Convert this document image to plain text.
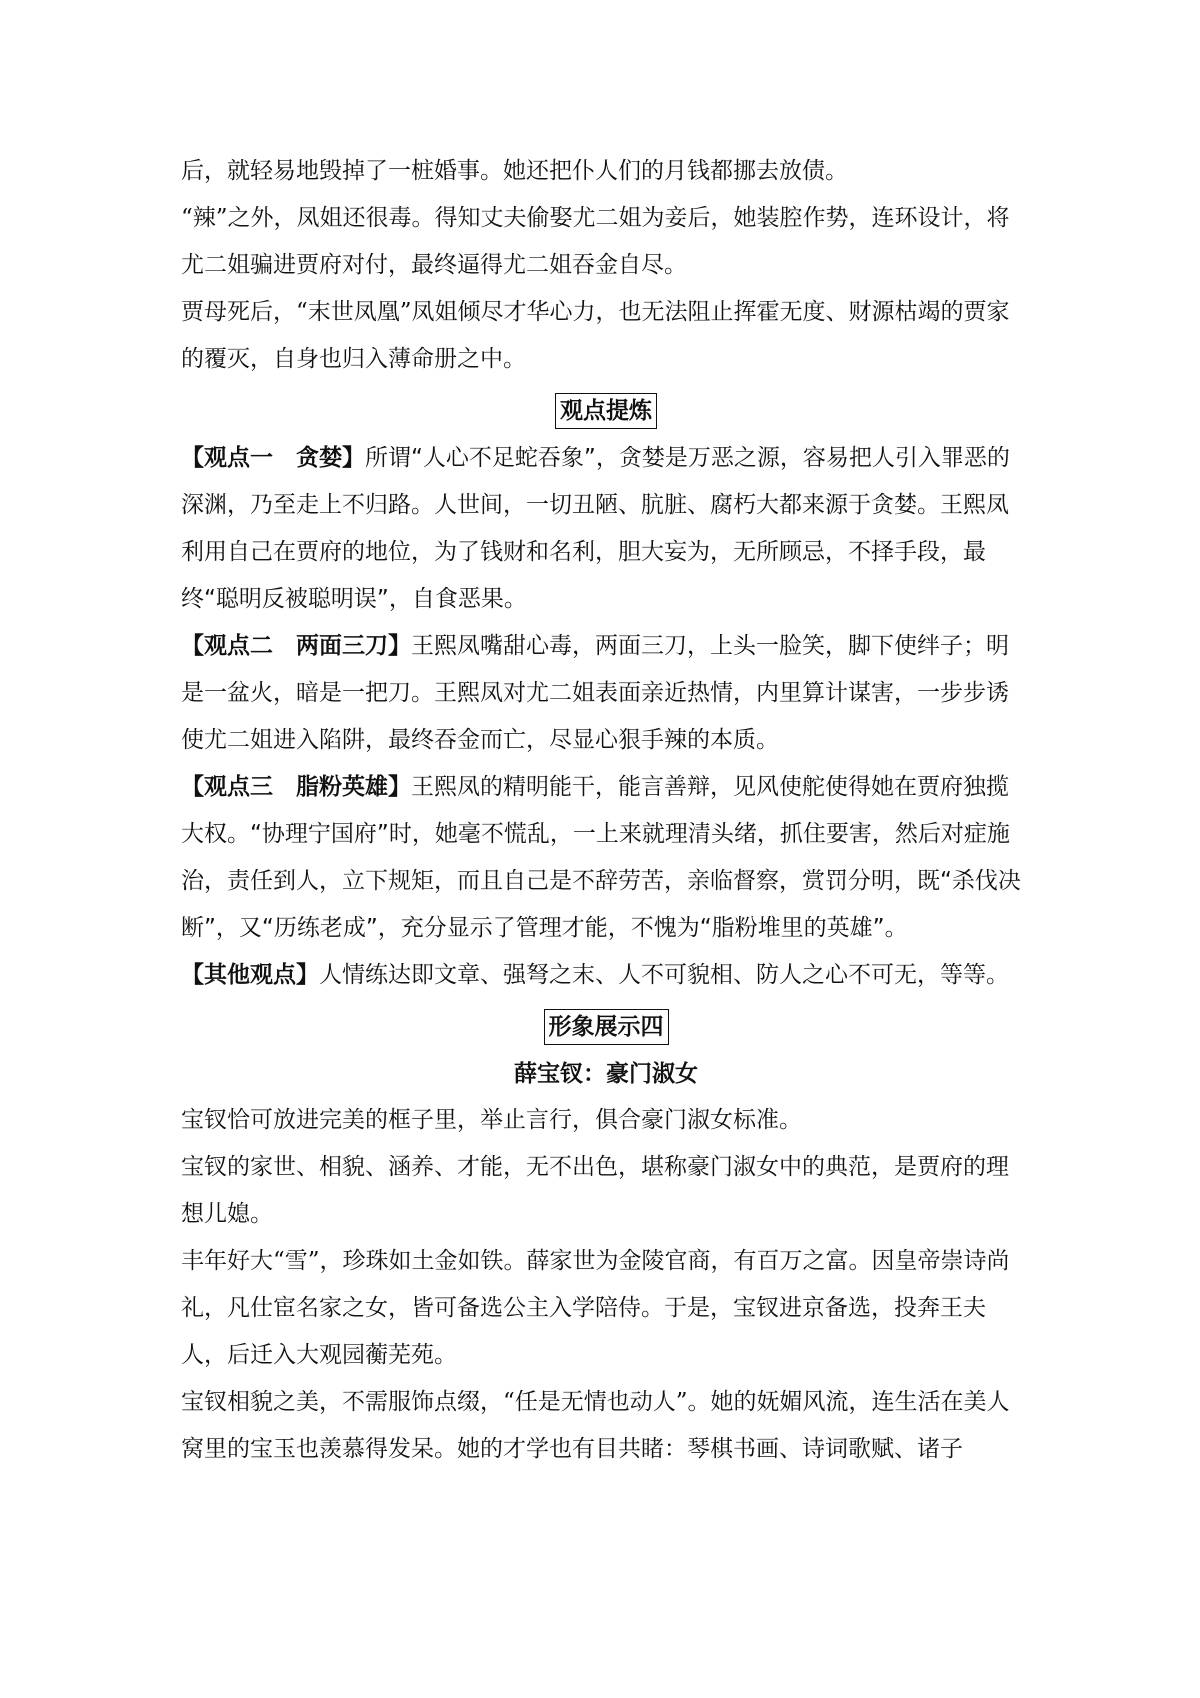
后，就轻易地毁掉了一桩婚事。她还把仆人们的月钱都挪去放债。

“辣”之外，凤姐还很毒。得知丈夫偷娶尤二姐为妾后，她装腔作势，连环设计，将尤二姐骗进贾府对付，最终逼得尤二姐吞金自尽。

贾母死后，“末世凤凰”凤姐倾尽才华心力，也无法阻止挥霍无度、财源枯竭的贾家的覆灭，自身也归入薄命册之中。

观点提炼

【观点一　贪婪】所谓“人心不足蛇吞象”，贪婪是万恶之源，容易把人引入罪恶的深渊，乃至走上不归路。人世间，一切丑陋、肮脏、腐朽大都来源于贪婪。王熙凤利用自己在贾府的地位，为了钱财和名利，胆大妄为，无所顾忌，不择手段，最终“聪明反被聪明误”，自食恶果。

【观点二　两面三刀】王熙凤嘴甜心毒，两面三刀，上头一脸笑，脚下使绊子；明是一盆火，暗是一把刀。王熙凤对尤二姐表面亲近热情，内里算计谋害，一步步诱使尤二姐进入陷阱，最终吞金而亡，尽显心狠手辣的本质。

【观点三　脂粉英雄】王熙凤的精明能干，能言善辩，见风使舵使得她在贾府独揽大权。“协理宁国府”时，她毫不慌乱，一上来就理清头绪，抓住要害，然后对症施治，责任到人，立下规矩，而且自己是不辞劳苦，亲临督察，赏罚分明，既“杀伐决断”，又“历练老成”，充分显示了管理才能，不愧为“脂粉堆里的英雄”。

【其他观点】人情练达即文章、强弩之末、人不可貌相、防人之心不可无，等等。

形象展示四

薛宝钗：豪门淑女

宝钗恰可放进完美的框子里，举止言行，俱合豪门淑女标准。

宝钗的家世、相貌、涵养、才能，无不出色，堪称豪门淑女中的典范，是贾府的理想儿媳。

丰年好大“雪”，珍珠如土金如铁。薛家世为金陵官商，有百万之富。因皇帝崇诗尚礼，凡仕宦名家之女，皆可备选公主入学陪侍。于是，宝钗进京备选，投奔王夫人，后迁入大观园蘅芜苑。

宝钗相貌之美，不需服饰点缀，“任是无情也动人”。她的妩媚风流，连生活在美人窝里的宝玉也羡慕得发呆。她的才学也有目共睹：琴棋书画、诗词歌赋、诸子
